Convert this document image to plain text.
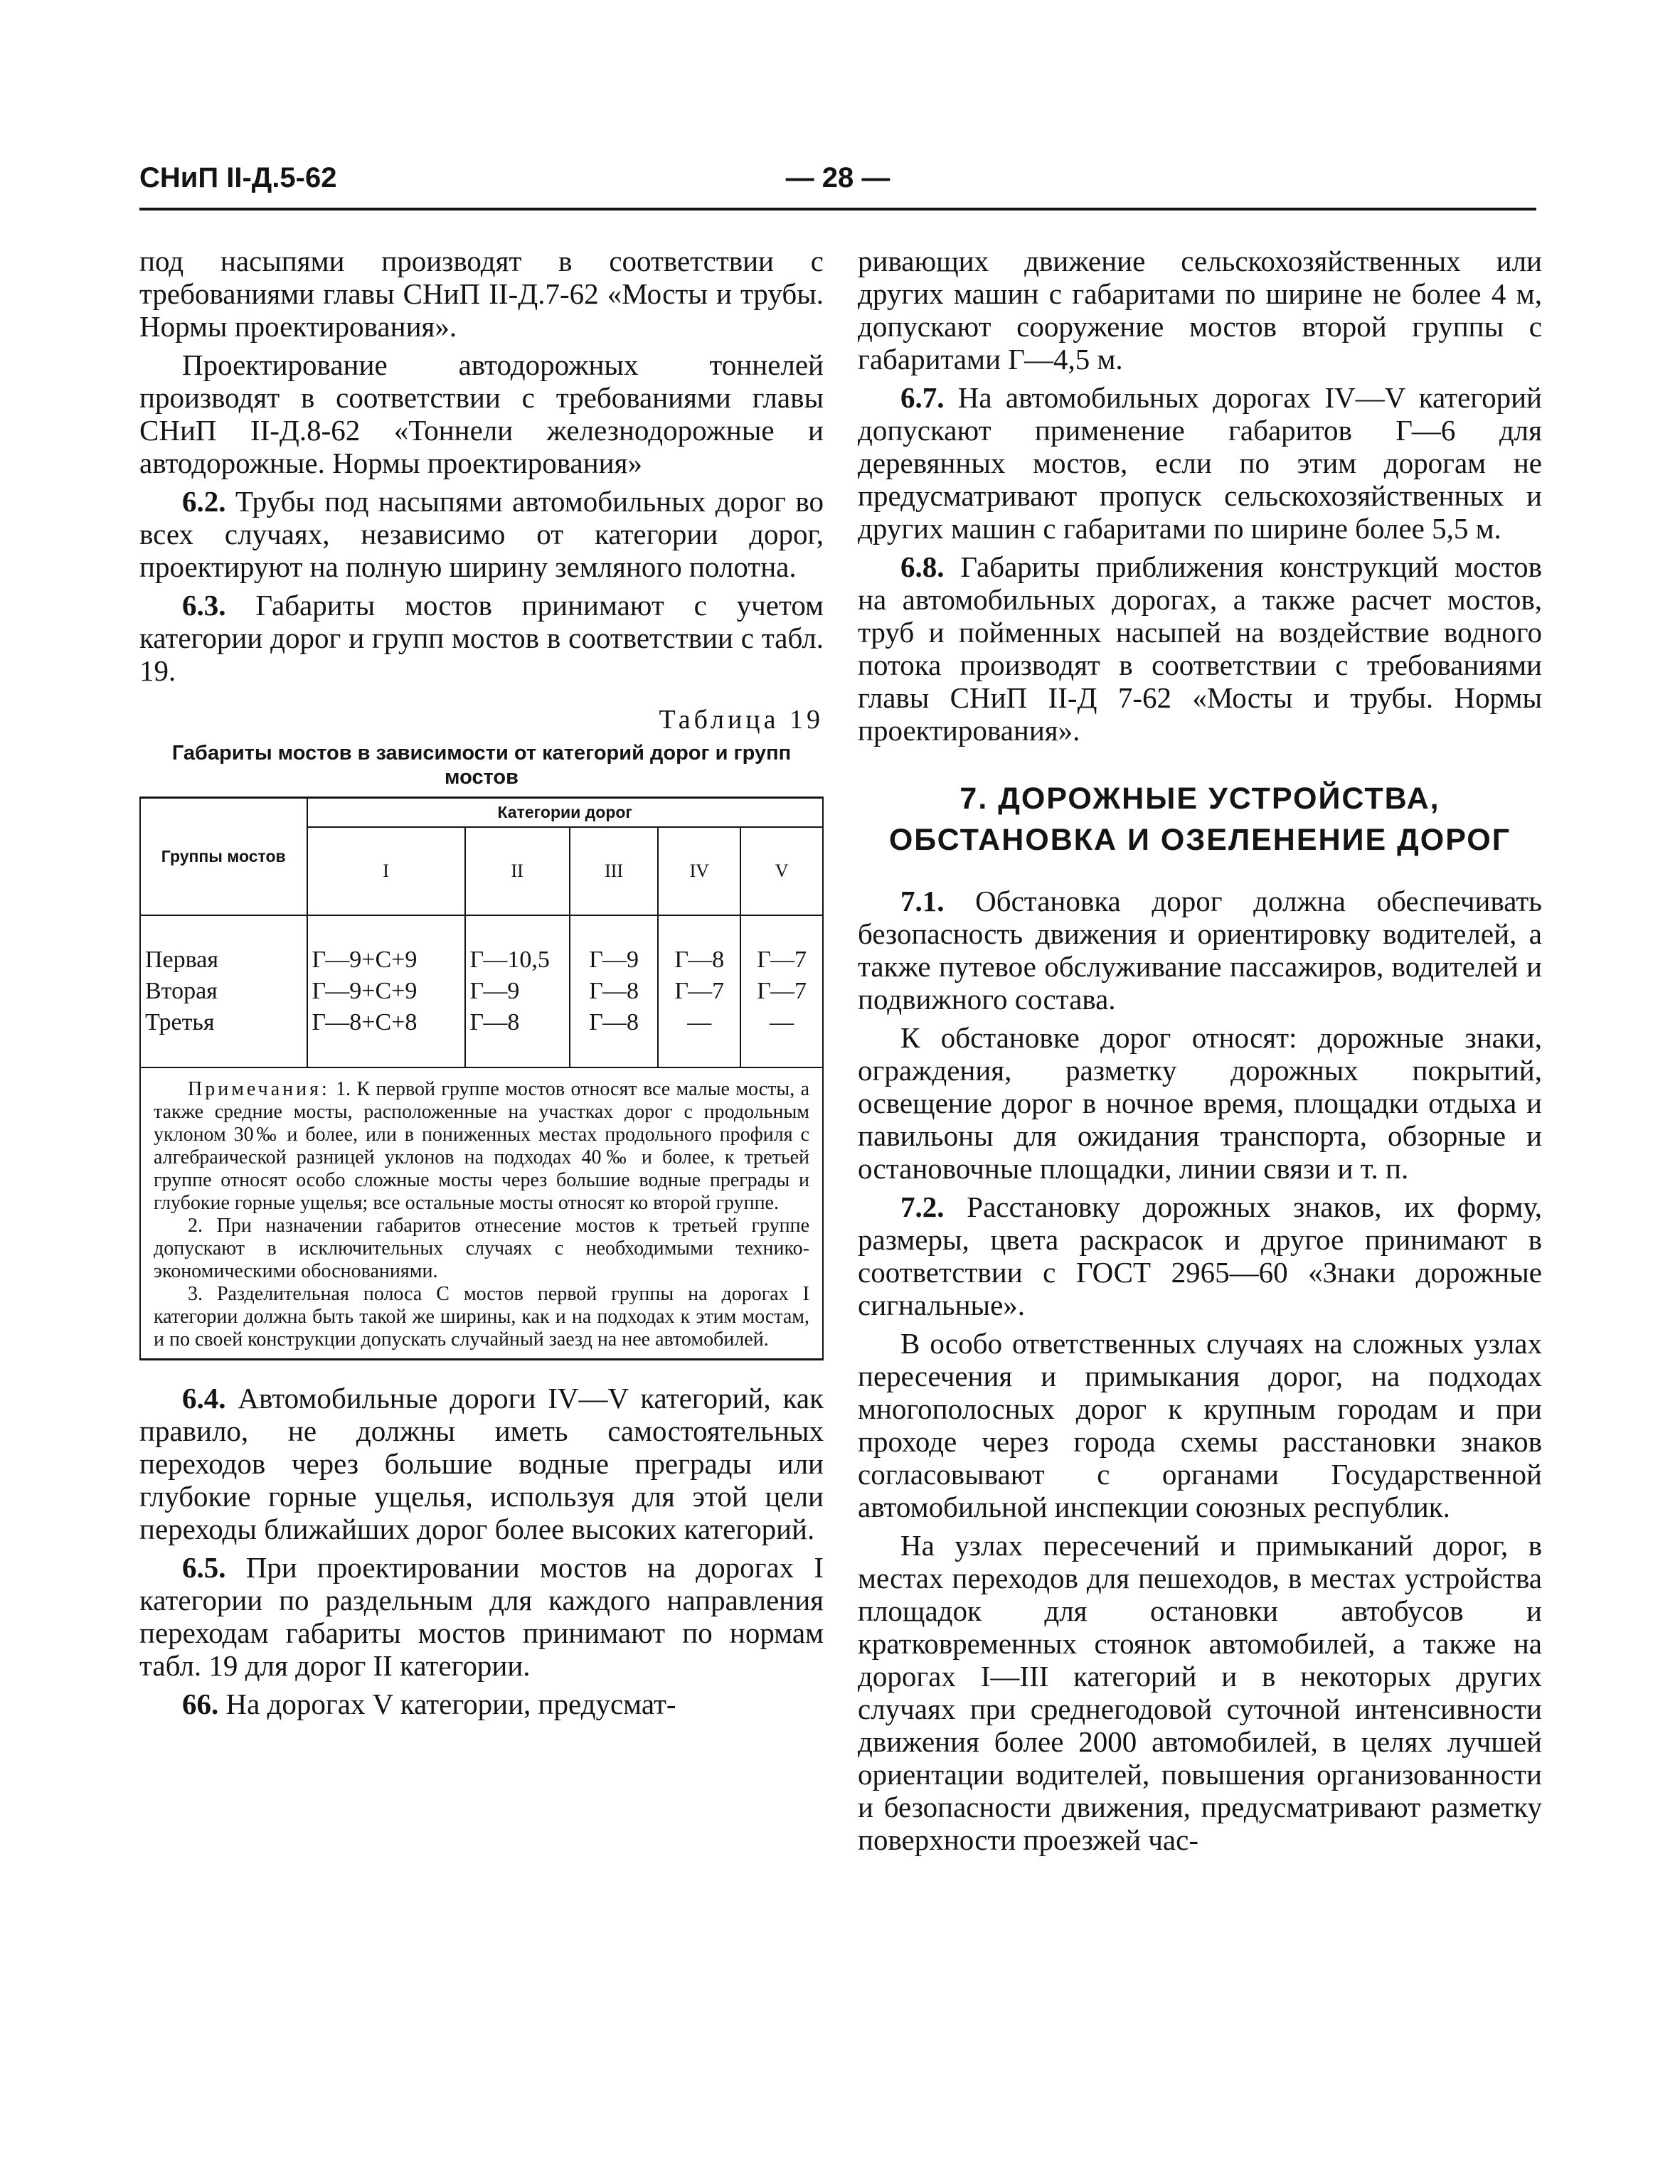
СНиП II-Д.5-62	— 28 —

под насыпями производят в соответствии с требованиями главы СНиП II-Д.7-62 «Мосты и трубы. Нормы проектирования».

Проектирование автодорожных тоннелей производят в соответствии с требованиями главы СНиП II-Д.8-62 «Тоннели железнодорожные и автодорожные. Нормы проектирования»

6.2. Трубы под насыпями автомобильных дорог во всех случаях, независимо от категории дорог, проектируют на полную ширину земляного полотна.

6.3. Габариты мостов принимают с учетом категории дорог и групп мостов в соответствии с табл. 19.

Таблица 19
Габариты мостов в зависимости от категорий дорог и групп мостов
Группы мостов	Категории дорог				
	I	II	III	IV	V

Первая	Г—9+С+9	Г—10,5	Г—9	Г—8	Г—7
Вторая	Г—9+С+9	Г—9	Г—8	Г—7	Г—7
Третья	Г—8+С+8	Г—8	Г—8	—	—

Примечания: 1. К первой группе мостов относят все малые мосты, а также средние мосты, расположенные на участках дорог с продольным уклоном 30‰ и более, или в пониженных местах продольного профиля с алгебраической разницей уклонов на подходах 40‰ и более, к третьей группе относят особо сложные мосты через большие водные преграды и глубокие горные ущелья; все остальные мосты относят ко второй группе.

2. При назначении габаритов отнесение мостов к третьей группе допускают в исключительных случаях с необходимыми технико-экономическими обоснованиями.

3. Разделительная полоса С мостов первой группы на дорогах I категории должна быть такой же ширины, как и на подходах к этим мостам, и по своей конструкции допускать случайный заезд на нее автомобилей.

6.4. Автомобильные дороги IV—V категорий, как правило, не должны иметь самостоятельных переходов через большие водные преграды или глубокие горные ущелья, используя для этой цели переходы ближайших дорог более высоких категорий.

6.5. При проектировании мостов на дорогах I категории по раздельным для каждого направления переходам габариты мостов принимают по нормам табл. 19 для дорог II категории.

66. На дорогах V категории, предусмат-

ривающих движение сельскохозяйственных или других машин с габаритами по ширине не более 4 м, допускают сооружение мостов второй группы с габаритами Г—4,5 м.

6.7. На автомобильных дорогах IV—V категорий допускают применение габаритов Г—6 для деревянных мостов, если по этим дорогам не предусматривают пропуск сельскохозяйственных и других машин с габаритами по ширине более 5,5 м.

6.8. Габариты приближения конструкций мостов на автомобильных дорогах, а также расчет мостов, труб и пойменных насыпей на воздействие водного потока производят в соответствии с требованиями главы СНиП II-Д 7-62 «Мосты и трубы. Нормы проектирования».

7. ДОРОЖНЫЕ УСТРОЙСТВА, ОБСТАНОВКА И ОЗЕЛЕНЕНИЕ ДОРОГ

7.1. Обстановка дорог должна обеспечивать безопасность движения и ориентировку водителей, а также путевое обслуживание пассажиров, водителей и подвижного состава.

К обстановке дорог относят: дорожные знаки, ограждения, разметку дорожных покрытий, освещение дорог в ночное время, площадки отдыха и павильоны для ожидания транспорта, обзорные и остановочные площадки, линии связи и т. п.

7.2. Расстановку дорожных знаков, их форму, размеры, цвета раскрасок и другое принимают в соответствии с ГОСТ 2965—60 «Знаки дорожные сигнальные».

В особо ответственных случаях на сложных узлах пересечения и примыкания дорог, на подходах многополосных дорог к крупным городам и при проходе через города схемы расстановки знаков согласовывают с органами Государственной автомобильной инспекции союзных республик.

На узлах пересечений и примыканий дорог, в местах переходов для пешеходов, в местах устройства площадок для остановки автобусов и кратковременных стоянок автомобилей, а также на дорогах I—III категорий и в некоторых других случаях при среднегодовой суточной интенсивности движения более 2000 автомобилей, в целях лучшей ориентации водителей, повышения организованности и безопасности движения, предусматривают разметку поверхности проезжей час-
